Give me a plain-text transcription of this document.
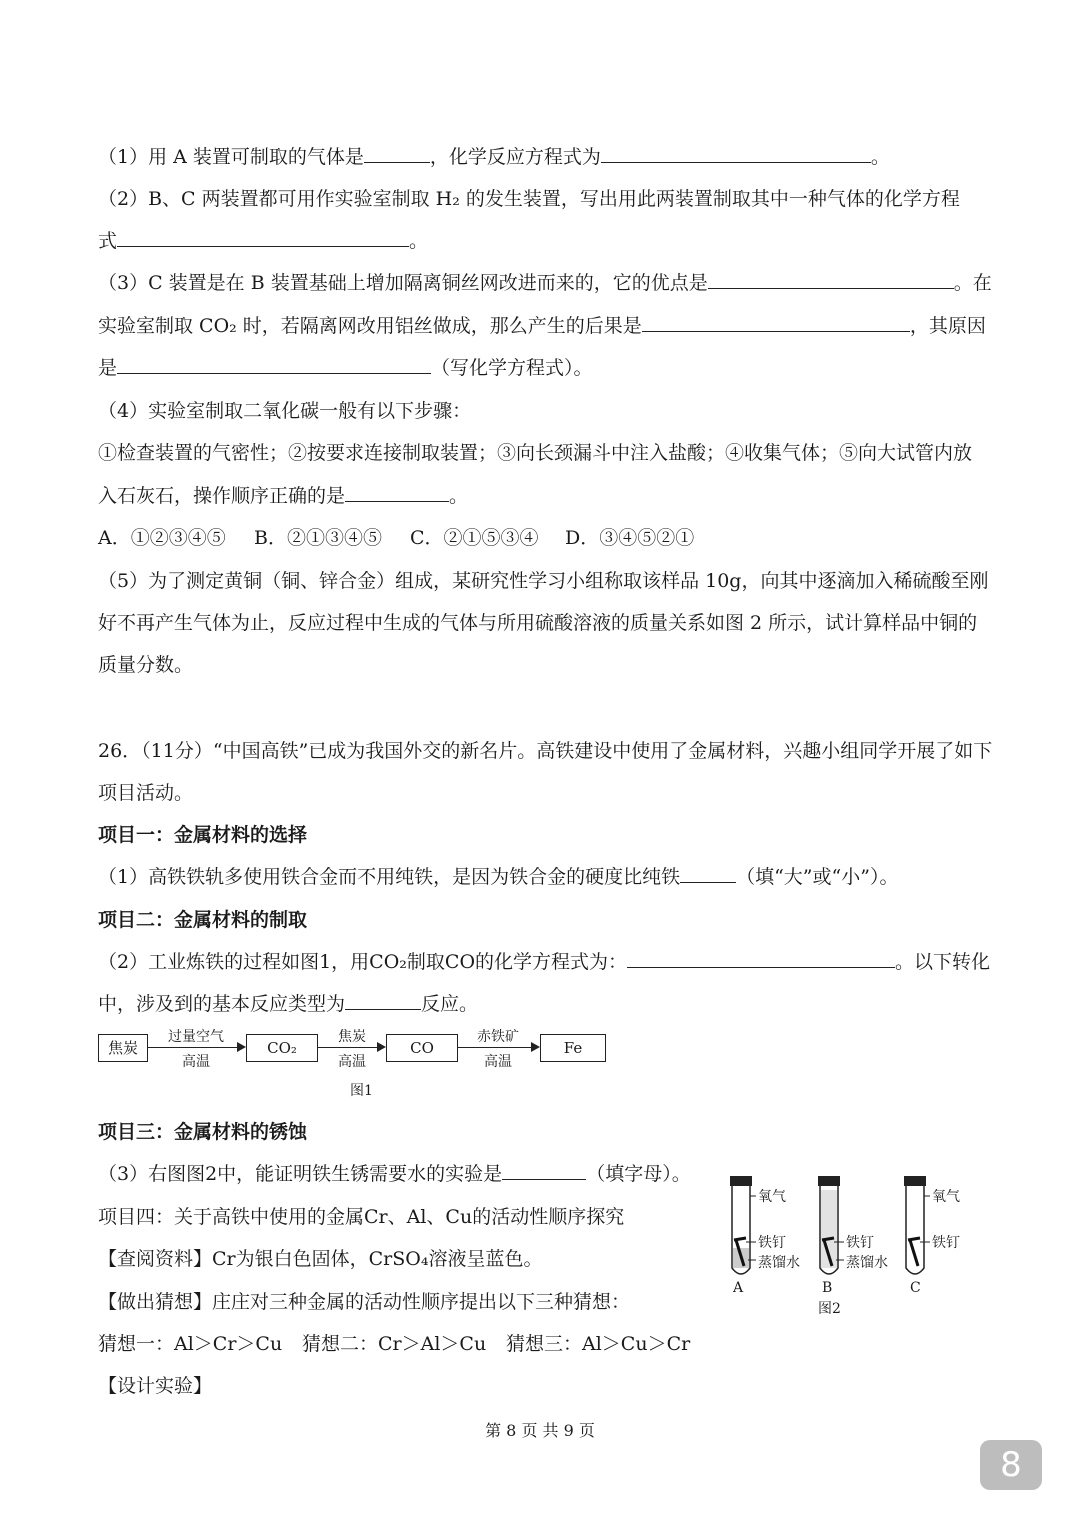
（1）用 A 装置可制取的气体是	，化学反应方程式为	。
（2）B、C 两装置都可用作实验室制取 H₂ 的发生装置，写出用此两装置制取其中一种气体的化学方程
式	。
（3）C 装置是在 B 装置基础上增加隔离铜丝网改进而来的，它的优点是	。在
实验室制取 CO₂ 时，若隔离网改用铝丝做成，那么产生的后果是	，其原因
是	（写化学方程式）。
（4）实验室制取二氧化碳一般有以下步骤：
①检查装置的气密性；②按要求连接制取装置；③向长颈漏斗中注入盐酸；④收集气体；⑤向大试管内放
入石灰石，操作顺序正确的是	。
A．①②③④⑤ B．②①③④⑤ C．②①⑤③④ D．③④⑤②①
（5）为了测定黄铜（铜、锌合金）组成，某研究性学习小组称取该样品 10g，向其中逐滴加入稀硫酸至刚
好不再产生气体为止，反应过程中生成的气体与所用硫酸溶液的质量关系如图 2 所示，试计算样品中铜的
质量分数。
26．（11分）“中国高铁”已成为我国外交的新名片。高铁建设中使用了金属材料，兴趣小组同学开展了如下
项目活动。
项目一：金属材料的选择
（1）高铁铁轨多使用铁合金而不用纯铁，是因为铁合金的硬度比纯铁	（填“大”或“小”）。
项目二：金属材料的制取
（2）工业炼铁的过程如图1，用CO₂制取CO的化学方程式为：	。以下转化
中，涉及到的基本反应类型为	反应。
焦炭
过量空气
高温
CO₂
焦炭
高温
CO
赤铁矿
高温
Fe
图1
项目三：金属材料的锈蚀
（3）右图图2中，能证明铁生锈需要水的实验是	（填字母）。
项目四：关于高铁中使用的金属Cr、Al、Cu的活动性顺序探究
【查阅资料】Cr为银白色固体，CrSO₄溶液呈蓝色。
【做出猜想】庄庄对三种金属的活动性顺序提出以下三种猜想：
猜想一：Al＞Cr＞Cu 猜想二：Cr＞Al＞Cu 猜想三：Al＞Cu＞Cr
【设计实验】
氧气
铁钉
蒸馏水
铁钉
蒸馏水
氧气
铁钉
A	B	C
图2
第 8 页 共 9 页
8
